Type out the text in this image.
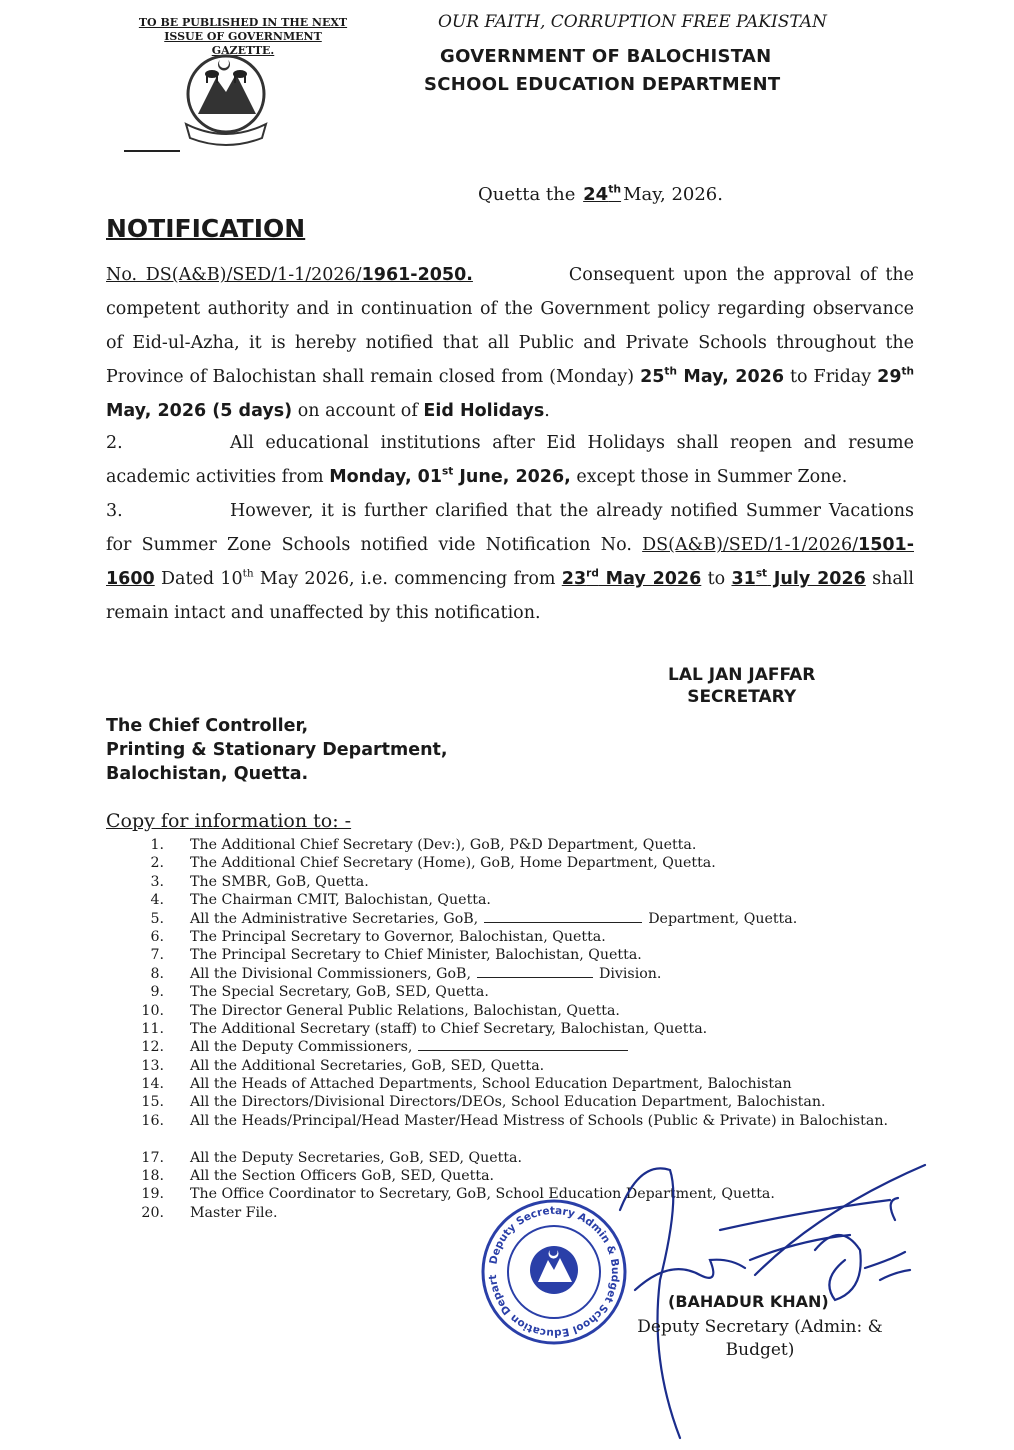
TO BE PUBLISHED IN THE NEXT
ISSUE OF GOVERNMENT GAZETTE.
OUR FAITH, CORRUPTION FREE PAKISTAN
GOVERNMENT OF BALOCHISTAN
SCHOOL EDUCATION DEPARTMENT
Quetta the 24th May, 2026.
NOTIFICATION
No. DS(A&B)/SED/1-1/2026/1961-2050.	Consequent upon the approval of the competent authority and in continuation of the Government policy regarding observance of Eid-ul-Azha, it is hereby notified that all Public and Private Schools throughout the Province of Balochistan shall remain closed from (Monday) 25th May, 2026 to Friday 29th May, 2026 (5 days) on account of Eid Holidays.
2.	All educational institutions after Eid Holidays shall reopen and resume academic activities from Monday, 01st June, 2026, except those in Summer Zone.
3.	However, it is further clarified that the already notified Summer Vacations for Summer Zone Schools notified vide Notification No. DS(A&B)/SED/1-1/2026/1501-1600 Dated 10th May 2026, i.e. commencing from 23rd May 2026 to 31st July 2026 shall remain intact and unaffected by this notification.
LAL JAN JAFFAR
SECRETARY
The Chief Controller,
Printing & Stationary Department,
Balochistan, Quetta.
Copy for information to: -
1. The Additional Chief Secretary (Dev:), GoB, P&D Department, Quetta.
2. The Additional Chief Secretary (Home), GoB, Home Department, Quetta.
3. The SMBR, GoB, Quetta.
4. The Chairman CMIT, Balochistan, Quetta.
5. All the Administrative Secretaries, GoB,	Department, Quetta.
6. The Principal Secretary to Governor, Balochistan, Quetta.
7. The Principal Secretary to Chief Minister, Balochistan, Quetta.
8. All the Divisional Commissioners, GoB,	Division.
9. The Special Secretary, GoB, SED, Quetta.
10. The Director General Public Relations, Balochistan, Quetta.
11. The Additional Secretary (staff) to Chief Secretary, Balochistan, Quetta.
12. All the Deputy Commissioners,
13. All the Additional Secretaries, GoB, SED, Quetta.
14. All the Heads of Attached Departments, School Education Department, Balochistan
15. All the Directors/Divisional Directors/DEOs, School Education Department, Balochistan.
16. All the Heads/Principal/Head Master/Head Mistress of Schools (Public & Private) in Balochistan.
17. All the Deputy Secretaries, GoB, SED, Quetta.
18. All the Section Officers GoB, SED, Quetta.
19. The Office Coordinator to Secretary, GoB, School Education Department, Quetta.
20. Master File.
Deputy Secretary Admin & Budget School Education Depart
(BAHADUR KHAN)
Deputy Secretary (Admin: & Budget)
